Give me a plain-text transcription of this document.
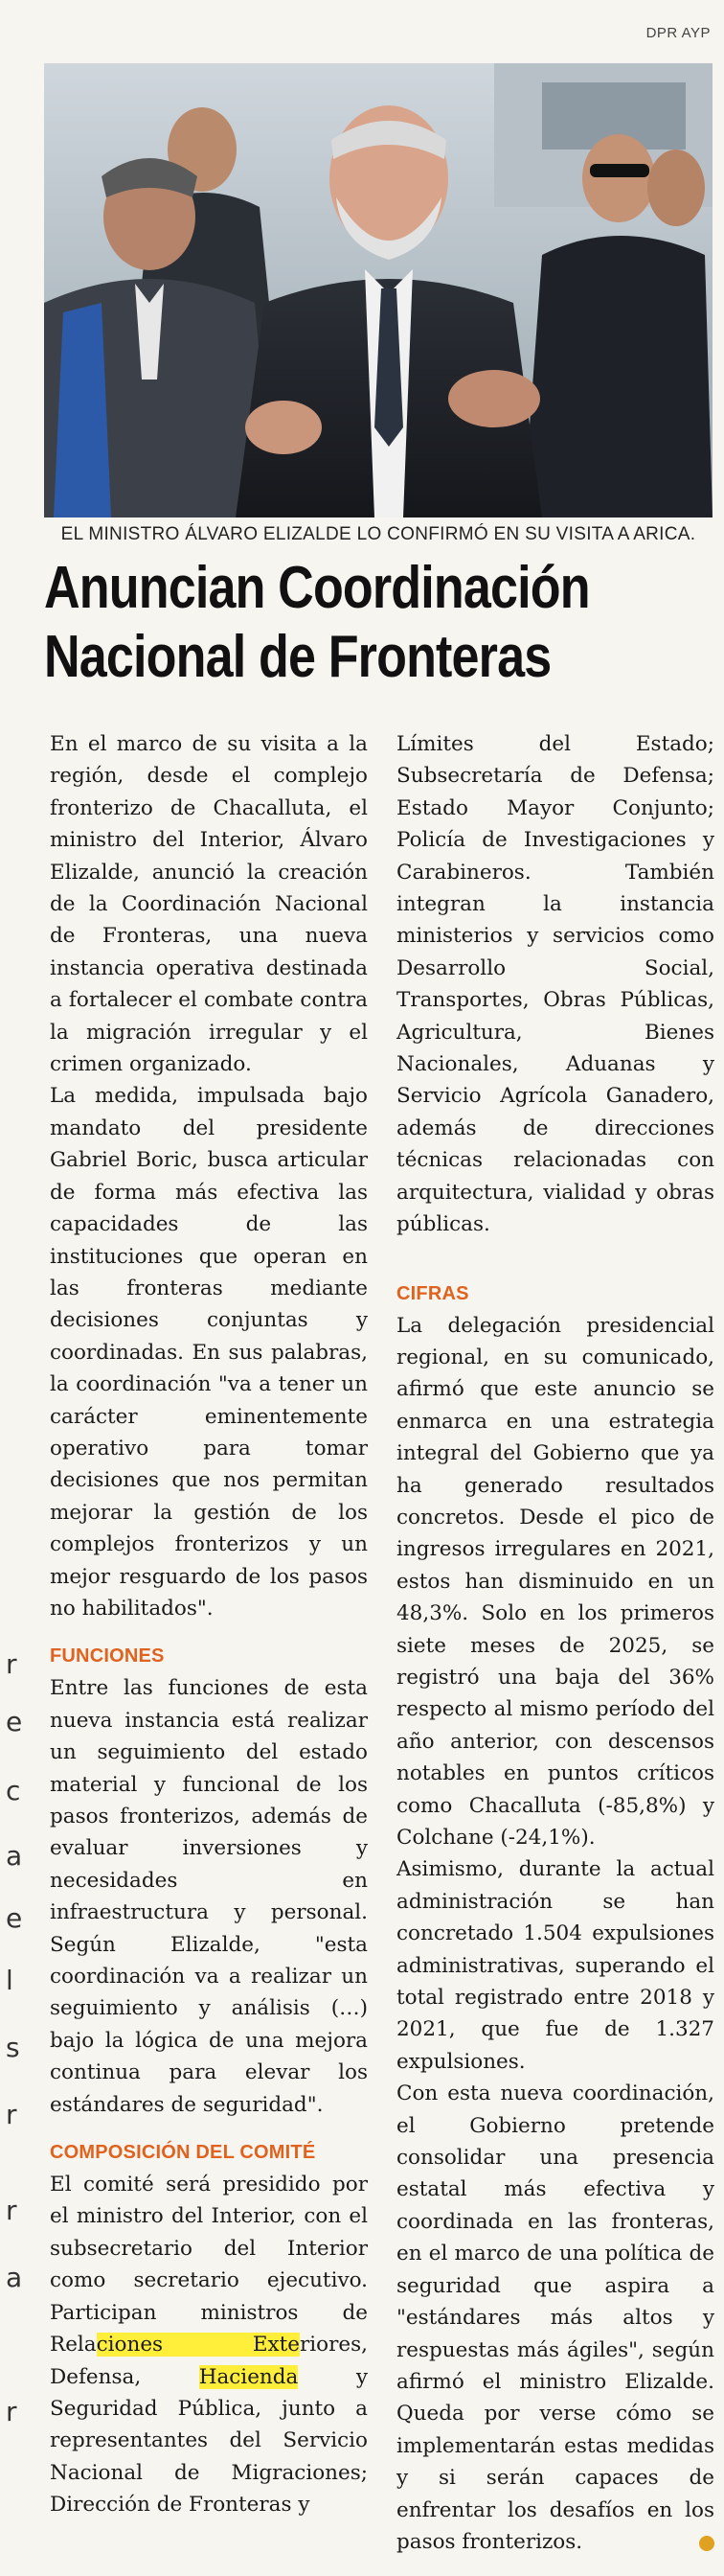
r
e
c
a
e
l
s
r
r
a
r
DPR AYP
EL MINISTRO ÁLVARO ELIZALDE LO CONFIRMÓ EN SU VISITA A ARICA.
Anuncian Coordinación
Nacional de Fronteras

En el marco de su visita a la región, desde el complejo fronterizo de Chacalluta, el ministro del Interior, Álvaro Elizalde, anunció la creación de la Coordinación Nacional de Fronteras, una nueva instancia operativa destinada a fortalecer el combate contra la migración irregular y el crimen organizado.

La medida, impulsada bajo mandato del presidente Gabriel Boric, busca articular de forma más efectiva las capacidades de las instituciones que operan en las fronteras mediante decisiones conjuntas y coordinadas. En sus palabras, la coordinación "va a tener un carácter eminentemente operativo para tomar decisiones que nos permitan mejorar la gestión de los complejos fronterizos y un mejor resguardo de los pasos no habilitados".

FUNCIONES

Entre las funciones de esta nueva instancia está realizar un seguimiento del estado material y funcional de los pasos fronterizos, además de evaluar inversiones y necesidades en infraestructura y personal. Según Elizalde, "esta coordinación va a realizar un seguimiento y análisis (…) bajo la lógica de una mejora continua para elevar los estándares de seguridad".

COMPOSICIÓN DEL COMITÉ

El comité será presidido por el ministro del Interior, con el subsecretario del Interior como secretario ejecutivo. Participan ministros de Relaciones Exteriores, Defensa, Hacienda y Seguridad Pública, junto a representantes del Servicio Nacional de Migraciones; Dirección de Fronteras y

Límites del Estado; Subsecretaría de Defensa; Estado Mayor Conjunto; Policía de Investigaciones y Carabineros. También integran la instancia ministerios y servicios como Desarrollo Social, Transportes, Obras Públicas, Agricultura, Bienes Nacionales, Aduanas y Servicio Agrícola Ganadero, además de direcciones técnicas relacionadas con arquitectura, vialidad y obras públicas.

CIFRAS

La delegación presidencial regional, en su comunicado, afirmó que este anuncio se enmarca en una estrategia integral del Gobierno que ya ha generado resultados concretos. Desde el pico de ingresos irregulares en 2021, estos han disminuido en un 48,3%. Solo en los primeros siete meses de 2025, se registró una baja del 36% respecto al mismo período del año anterior, con descensos notables en puntos críticos como Chacalluta (-85,8%) y Colchane (-24,1%).

Asimismo, durante la actual administración se han concretado 1.504 expulsiones administrativas, superando el total registrado entre 2018 y 2021, que fue de 1.327 expulsiones.

Con esta nueva coordinación, el Gobierno pretende consolidar una presencia estatal más efectiva y coordinada en las fronteras, en el marco de una política de seguridad que aspira a "estándares más altos y respuestas más ágiles", según afirmó el ministro Elizalde. Queda por verse cómo se implementarán estas medidas y si serán capaces de enfrentar los desafíos en los pasos fronterizos.
